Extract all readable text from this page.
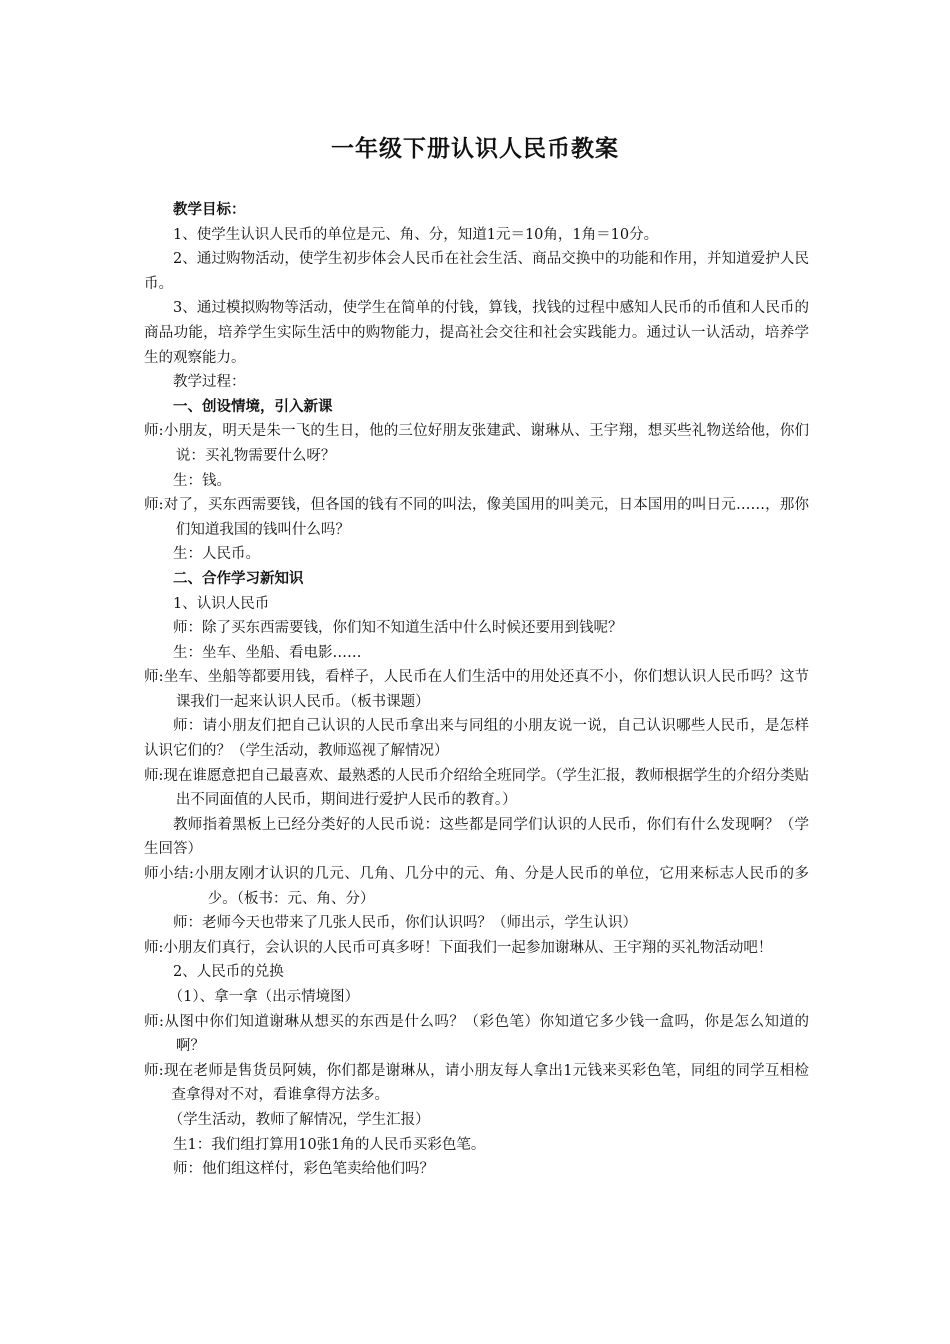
一年级下册认识人民币教案

教学目标：

1、使学生认识人民币的单位是元、角、分，知道1元＝10角，1角＝10分。

2、通过购物活动，使学生初步体会人民币在社会生活、商品交换中的功能和作用，并知道爱护人民币。

3、通过模拟购物等活动，使学生在简单的付钱，算钱，找钱的过程中感知人民币的币值和人民币的商品功能，培养学生实际生活中的购物能力，提高社会交往和社会实践能力。通过认一认活动，培养学生的观察能力。

教学过程：

一、创设情境，引入新课

师:小朋友，明天是朱一飞的生日，他的三位好朋友张建武、谢琳从、王宇翔，想买些礼物送给他，你们说：买礼物需要什么呀？

生：钱。

师:对了，买东西需要钱，但各国的钱有不同的叫法，像美国用的叫美元，日本国用的叫日元……，那你们知道我国的钱叫什么吗？

生：人民币。

二、合作学习新知识

1、认识人民币

师：除了买东西需要钱，你们知不知道生活中什么时候还要用到钱呢？

生：坐车、坐船、看电影……

师:坐车、坐船等都要用钱，看样子，人民币在人们生活中的用处还真不小，你们想认识人民币吗？这节课我们一起来认识人民币。（板书课题）

师：请小朋友们把自己认识的人民币拿出来与同组的小朋友说一说，自己认识哪些人民币，是怎样认识它们的？（学生活动，教师巡视了解情况）

师:现在谁愿意把自己最喜欢、最熟悉的人民币介绍给全班同学。（学生汇报，教师根据学生的介绍分类贴出不同面值的人民币，期间进行爱护人民币的教育。）

教师指着黑板上已经分类好的人民币说：这些都是同学们认识的人民币，你们有什么发现啊？（学生回答）

师小结:小朋友刚才认识的几元、几角、几分中的元、角、分是人民币的单位，它用来标志人民币的多少。（板书：元、角、分）

师：老师今天也带来了几张人民币，你们认识吗？（师出示，学生认识）

师:小朋友们真行，会认识的人民币可真多呀！下面我们一起参加谢琳从、王宇翔的买礼物活动吧！

2、人民币的兑换

（1）、拿一拿（出示情境图）

师:从图中你们知道谢琳从想买的东西是什么吗？（彩色笔）你知道它多少钱一盒吗，你是怎么知道的啊？

师:现在老师是售货员阿姨，你们都是谢琳从，请小朋友每人拿出1元钱来买彩色笔，同组的同学互相检查拿得对不对，看谁拿得方法多。

（学生活动，教师了解情况，学生汇报）

生1：我们组打算用10张1角的人民币买彩色笔。

师：他们组这样付，彩色笔卖给他们吗？
